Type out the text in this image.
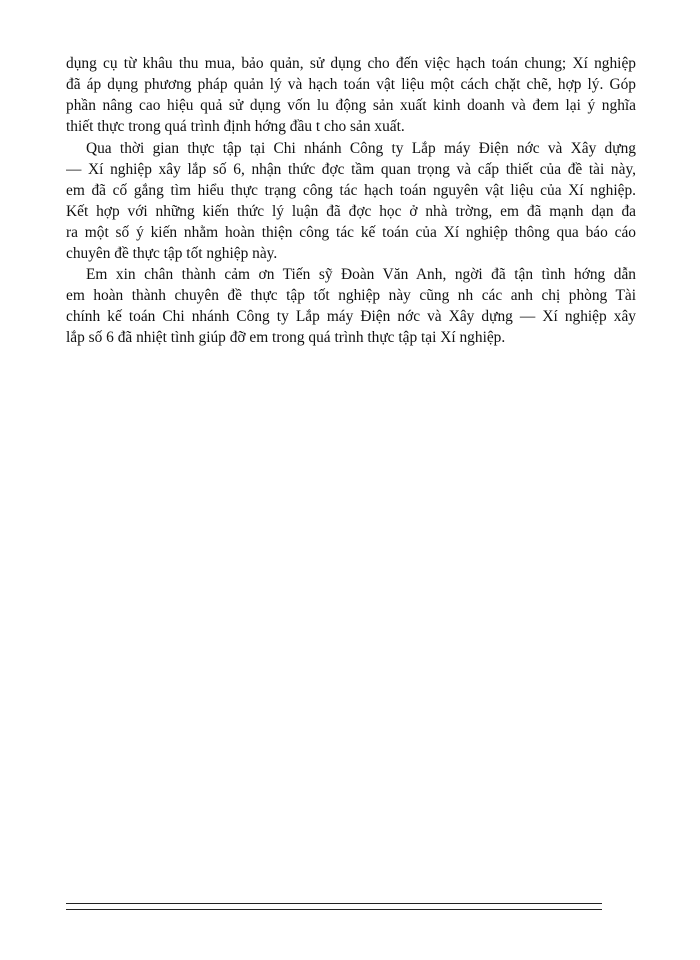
dụng cụ từ khâu thu mua, bảo quản, sử dụng cho đến việc hạch toán chung; Xí nghiệp
đã áp dụng phương pháp quản lý và hạch toán vật liệu một cách chặt chẽ, hợp lý. Góp
phần nâng cao hiệu quả sử dụng vốn lu động sản xuất kinh doanh và đem lại ý nghĩa
thiết thực trong quá trình định hớng đầu t cho sản xuất.
Qua thời gian thực tập tại Chi nhánh Công ty Lắp máy Điện nớc và Xây dựng
— Xí nghiệp xây lắp số 6, nhận thức đợc tầm quan trọng và cấp thiết của đề tài này,
em đã cố gắng tìm hiểu thực trạng công tác hạch toán nguyên vật liệu của Xí nghiệp.
Kết hợp với những kiến thức lý luận đã đợc học ở nhà trờng, em đã mạnh dạn đa
ra một số ý kiến nhằm hoàn thiện công tác kế toán của Xí nghiệp thông qua báo cáo
chuyên đề thực tập tốt nghiệp này.
Em xin chân thành cảm ơn Tiến sỹ Đoàn Văn Anh, ngời đã tận tình hớng dẫn
em hoàn thành chuyên đề thực tập tốt nghiệp này cũng nh các anh chị phòng Tài
chính kế toán Chi nhánh Công ty Lắp máy Điện nớc và Xây dựng — Xí nghiệp xây
lắp số 6 đã nhiệt tình giúp đỡ em trong quá trình thực tập tại Xí nghiệp.
